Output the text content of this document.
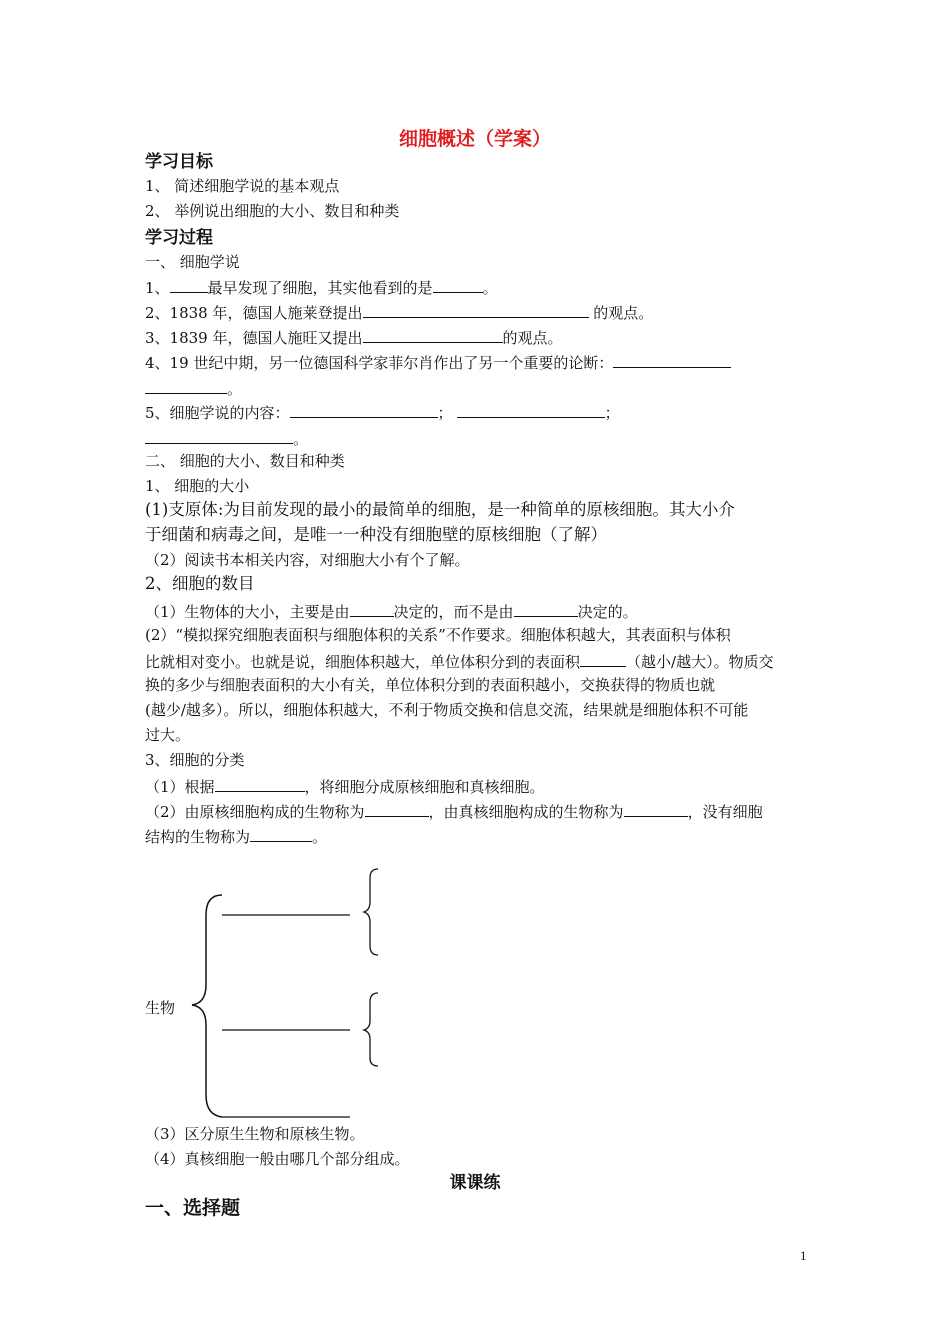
细胞概述（学案）
学习目标
1、 简述细胞学说的基本观点
2、 举例说出细胞的大小、数目和种类
学习过程
一、 细胞学说
1、	最早发现了细胞，其实他看到的是	。
2、1838 年，德国人施莱登提出	的观点。
3、1839 年，德国人施旺又提出	的观点。
4、19 世纪中期，另一位德国科学家菲尔肖作出了另一个重要的论断：
。
5、细胞学说的内容：	；	；
。
二、 细胞的大小、数目和种类
1、 细胞的大小
(1)支原体:为目前发现的最小的最简单的细胞，是一种简单的原核细胞。其大小介
于细菌和病毒之间，是唯一一种没有细胞壁的原核细胞（了解）
（2）阅读书本相关内容，对细胞大小有个了解。
2、细胞的数目
（1）生物体的大小，主要是由	决定的，而不是由	决定的。
(2）“模拟探究细胞表面积与细胞体积的关系”不作要求。细胞体积越大，其表面积与体积
比就相对变小。也就是说，细胞体积越大，单位体积分到的表面积	（越小/越大）。物质交
换的多少与细胞表面积的大小有关，单位体积分到的表面积越小，交换获得的物质也就
(越少/越多）。所以，细胞体积越大，不利于物质交换和信息交流，结果就是细胞体积不可能
过大。
3、细胞的分类
（1）根据	，将细胞分成原核细胞和真核细胞。
（2）由原核细胞构成的生物称为	，由真核细胞构成的生物称为	，没有细胞
结构的生物称为	。
生物
（3）区分原生生物和原核生物。
（4）真核细胞一般由哪几个部分组成。
课课练
一、选择题
1
